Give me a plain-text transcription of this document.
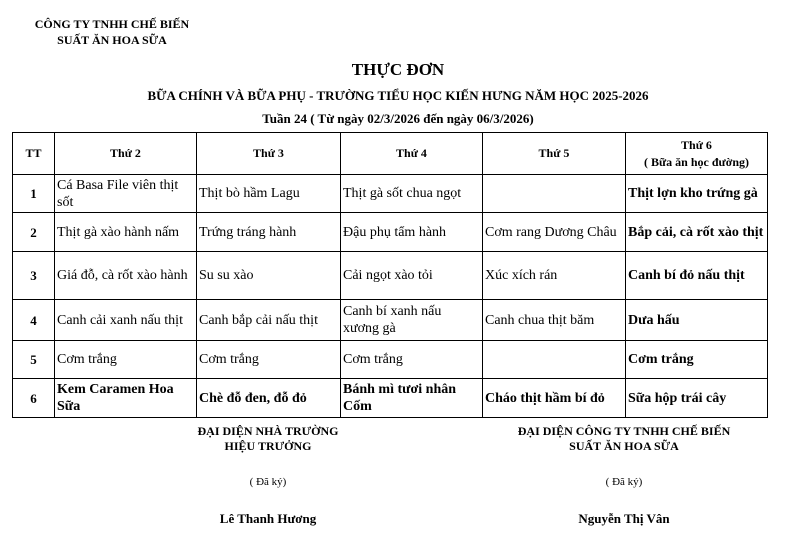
CÔNG TY TNHH CHẾ BIẾN
SUẤT ĂN HOA SỮA
THỰC ĐƠN
BỮA CHÍNH VÀ BỮA PHỤ - TRƯỜNG TIỂU HỌC KIẾN HƯNG NĂM HỌC 2025-2026
Tuần 24 ( Từ ngày 02/3/2026 đến ngày 06/3/2026)
TT	Thứ 2	Thứ 3	Thứ 4	Thứ 5	Thứ 6
( Bữa ăn học đường)

1	Cá Basa File viên thịt sốt	Thịt bò hầm Lagu	Thịt gà sốt chua ngọt		Thịt lợn kho trứng gà
2	Thịt gà xào hành nấm	Trứng tráng hành	Đậu phụ tẩm hành	Cơm rang Dương Châu	Bắp cải, cà rốt xào thịt
3	Giá đỗ, cà rốt xào hành	Su su xào	Cải ngọt xào tỏi	Xúc xích rán	Canh bí đỏ nấu thịt
4	Canh cải xanh nấu thịt	Canh bắp cải nấu thịt	Canh bí xanh nấu xương gà	Canh chua thịt băm	Dưa hấu
5	Cơm trắng	Cơm trắng	Cơm trắng		Cơm trắng
6	Kem Caramen Hoa Sữa	Chè đỗ đen, đỗ đỏ	Bánh mì tươi nhân Cốm	Cháo thịt hầm bí đỏ	Sữa hộp trái cây
ĐẠI DIỆN NHÀ TRƯỜNG
HIỆU TRƯỞNG
( Đã ký)
Lê Thanh Hương
ĐẠI DIỆN CÔNG TY TNHH CHẾ BIẾN
SUẤT ĂN HOA SỮA
( Đã ký)
Nguyễn Thị Vân
